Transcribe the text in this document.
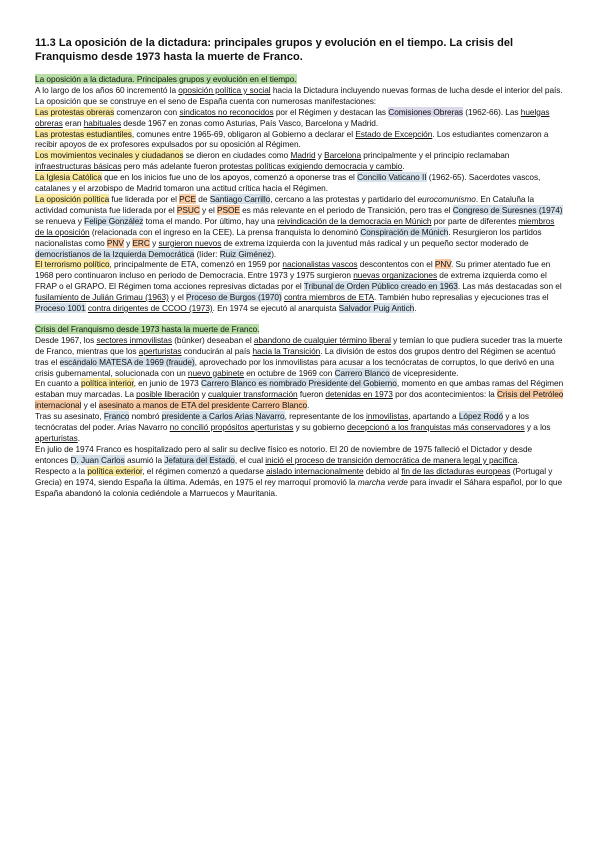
11.3 La oposición de la dictadura: principales grupos y evolución en el tiempo. La crisis del Franquismo desde 1973 hasta la muerte de Franco.

La oposición a la dictadura. Principales grupos y evolución en el tiempo.

A lo largo de los años 60 incrementó la oposición política y social hacia la Dictadura incluyendo nuevas formas de lucha desde el interior del país. La oposición que se construye en el seno de España cuenta con numerosas manifestaciones:

Las protestas obreras comenzaron con sindicatos no reconocidos por el Régimen y destacan las Comisiones Obreras (1962-66). Las huelgas obreras eran habituales desde 1967 en zonas como Asturias, País Vasco, Barcelona y Madrid.

Las protestas estudiantiles, comunes entre 1965-69, obligaron al Gobierno a declarar el Estado de Excepción. Los estudiantes comenzaron a recibir apoyos de ex profesores expulsados por su oposición al Régimen.

Los movimientos vecinales y ciudadanos se dieron en ciudades como Madrid y Barcelona principalmente y el principio reclamaban infraestructuras básicas pero más adelante fueron protestas políticas exigiendo democracia y cambio.

La Iglesia Católica que en los inicios fue uno de los apoyos, comenzó a oponerse tras el Concilio Vaticano II (1962-65). Sacerdotes vascos, catalanes y el arzobispo de Madrid tomaron una actitud crítica hacia el Régimen.

La oposición política fue liderada por el PCE de Santiago Carrillo, cercano a las protestas y partidario del eurocomunismo. En Cataluña la actividad comunista fue liderada por el PSUC y el PSOE es más relevante en el periodo de Transición, pero tras el Congreso de Suresnes (1974) se renueva y Felipe González toma el mando. Por último, hay una reivindicación de la democracia en Múnich por parte de diferentes miembros de la oposición (relacionada con el ingreso en la CEE). La prensa franquista lo denominó Conspiración de Múnich. Resurgieron los partidos nacionalistas como PNV y ERC y surgieron nuevos de extrema izquierda con la juventud más radical y un pequeño sector moderado de democristianos de la Izquierda Democrática (líder: Ruiz Giménez).

El terrorismo político, principalmente de ETA, comenzó en 1959 por nacionalistas vascos descontentos con el PNV. Su primer atentado fue en 1968 pero continuaron incluso en periodo de Democracia. Entre 1973 y 1975 surgieron nuevas organizaciones de extrema izquierda como el FRAP o el GRAPO. El Régimen toma acciones represivas dictadas por el Tribunal de Orden Público creado en 1963. Las más destacadas son el fusilamiento de Julián Grimau (1963) y el Proceso de Burgos (1970) contra miembros de ETA. También hubo represalias y ejecuciones tras el Proceso 1001 contra dirigentes de CCOO (1973). En 1974 se ejecutó al anarquista Salvador Puig Antich.

Crisis del Franquismo desde 1973 hasta la muerte de Franco.

Desde 1967, los sectores inmovilistas (búnker) deseaban el abandono de cualquier término liberal y temían lo que pudiera suceder tras la muerte de Franco, mientras que los aperturistas conducirán al país hacia la Transición. La división de estos dos grupos dentro del Régimen se acentuó tras el escándalo MATESA de 1969 (fraude), aprovechado por los inmovilistas para acusar a los tecnócratas de corruptos, lo que derivó en una crisis gubernamental, solucionada con un nuevo gabinete en octubre de 1969 con Carrero Blanco de vicepresidente.

En cuanto a política interior, en junio de 1973 Carrero Blanco es nombrado Presidente del Gobierno, momento en que ambas ramas del Régimen estaban muy marcadas. La posible liberación y cualquier transformación fueron detenidas en 1973 por dos acontecimientos: la Crisis del Petróleo internacional y el asesinato a manos de ETA del presidente Carrero Blanco.

Tras su asesinato, Franco nombró presidente a Carlos Arias Navarro, representante de los inmovilistas, apartando a López Rodó y a los tecnócratas del poder. Arias Navarro no concilió propósitos aperturistas y su gobierno decepcionó a los franquistas más conservadores y a los aperturistas.

En julio de 1974 Franco es hospitalizado pero al salir su declive físico es notorio. El 20 de noviembre de 1975 falleció el Dictador y desde entonces D. Juan Carlos asumió la Jefatura del Estado, el cual inició el proceso de transición democrática de manera legal y pacífica.

Respecto a la política exterior, el régimen comenzó a quedarse aislado internacionalmente debido al fin de las dictaduras europeas (Portugal y Grecia) en 1974, siendo España la última. Además, en 1975 el rey marroquí promovió la marcha verde para invadir el Sáhara español, por lo que España abandonó la colonia cediéndole a Marruecos y Mauritania.
